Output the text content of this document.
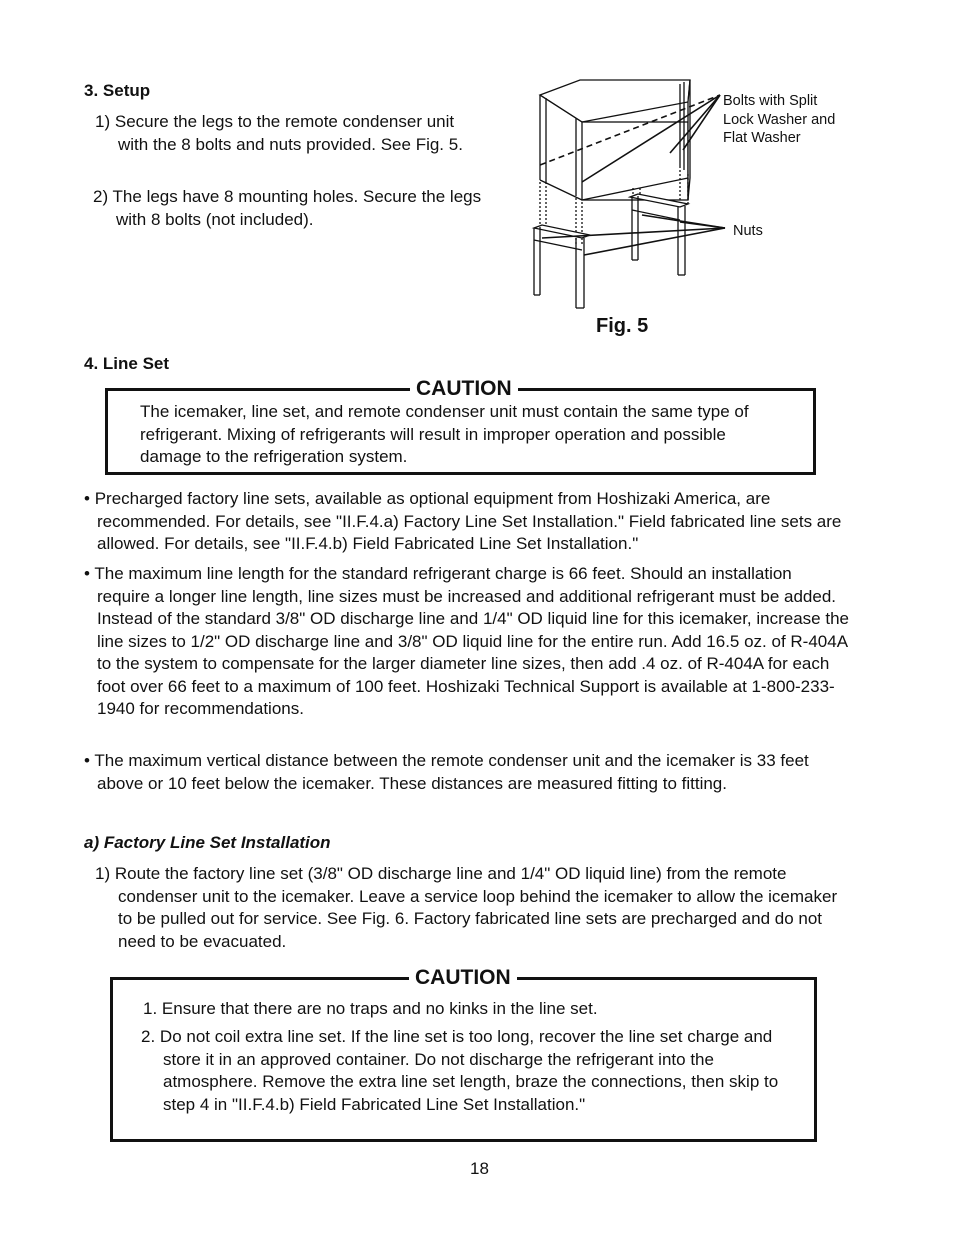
3. Setup
1) Secure the legs to the remote condenser unit with the 8 bolts and nuts provided. See Fig. 5.
2) The legs have 8 mounting holes. Secure the legs with 8 bolts (not included).
Bolts with Split Lock Washer and Flat Washer
Nuts
Fig. 5
4. Line Set
CAUTION
The icemaker, line set, and remote condenser unit must contain the same type of refrigerant. Mixing of refrigerants will result in improper operation and possible damage to the refrigeration system.
• Precharged factory line sets, available as optional equipment from Hoshizaki America, are recommended. For details, see "II.F.4.a) Factory Line Set Installation." Field fabricated line sets are allowed. For details, see "II.F.4.b) Field Fabricated Line Set Installation."
• The maximum line length for the standard refrigerant charge is 66 feet. Should an installation require a longer line length, line sizes must be increased and additional refrigerant must be added. Instead of the standard 3/8" OD discharge line and 1/4" OD liquid line for this icemaker, increase the line sizes to 1/2" OD discharge line and 3/8" OD liquid line for the entire run. Add 16.5 oz. of R-404A to the system to compensate for the larger diameter line sizes, then add .4 oz. of R-404A for each foot over 66 feet to a maximum of 100 feet. Hoshizaki Technical Support is available at 1-800-233-1940 for recommendations.
• The maximum vertical distance between the remote condenser unit and the icemaker is 33 feet above or 10 feet below the icemaker. These distances are measured fitting to fitting.
a) Factory Line Set Installation
1) Route the factory line set (3/8" OD discharge line and 1/4" OD liquid line) from the remote condenser unit to the icemaker. Leave a service loop behind the icemaker to allow the icemaker to be pulled out for service. See Fig. 6. Factory fabricated line sets are precharged and do not need to be evacuated.
CAUTION
1. Ensure that there are no traps and no kinks in the line set.
2. Do not coil extra line set. If the line set is too long, recover the line set charge and store it in an approved container. Do not discharge the refrigerant into the atmosphere. Remove the extra line set length, braze the connections, then skip to step 4 in "II.F.4.b) Field Fabricated Line Set Installation."
18
